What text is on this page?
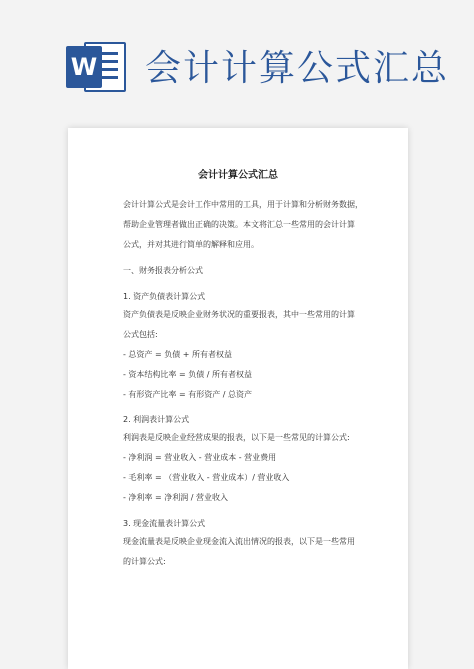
W 会计计算公式汇总
会计计算公式汇总
会计计算公式是会计工作中常用的工具，用于计算和分析财务数据，
帮助企业管理者做出正确的决策。本文将汇总一些常用的会计计算
公式，并对其进行简单的解释和应用。
一、财务报表分析公式
1. 资产负债表计算公式
资产负债表是反映企业财务状况的重要报表，其中一些常用的计算
公式包括:
- 总资产 = 负债 + 所有者权益
- 资本结构比率 = 负债 / 所有者权益
- 有形资产比率 = 有形资产 / 总资产
2. 利润表计算公式
利润表是反映企业经营成果的报表，以下是一些常见的计算公式:
- 净利润 = 营业收入 - 营业成本 - 营业费用
- 毛利率 = （营业收入 - 营业成本）/ 营业收入
- 净利率 = 净利润 / 营业收入
3. 现金流量表计算公式
现金流量表是反映企业现金流入流出情况的报表，以下是一些常用
的计算公式:
